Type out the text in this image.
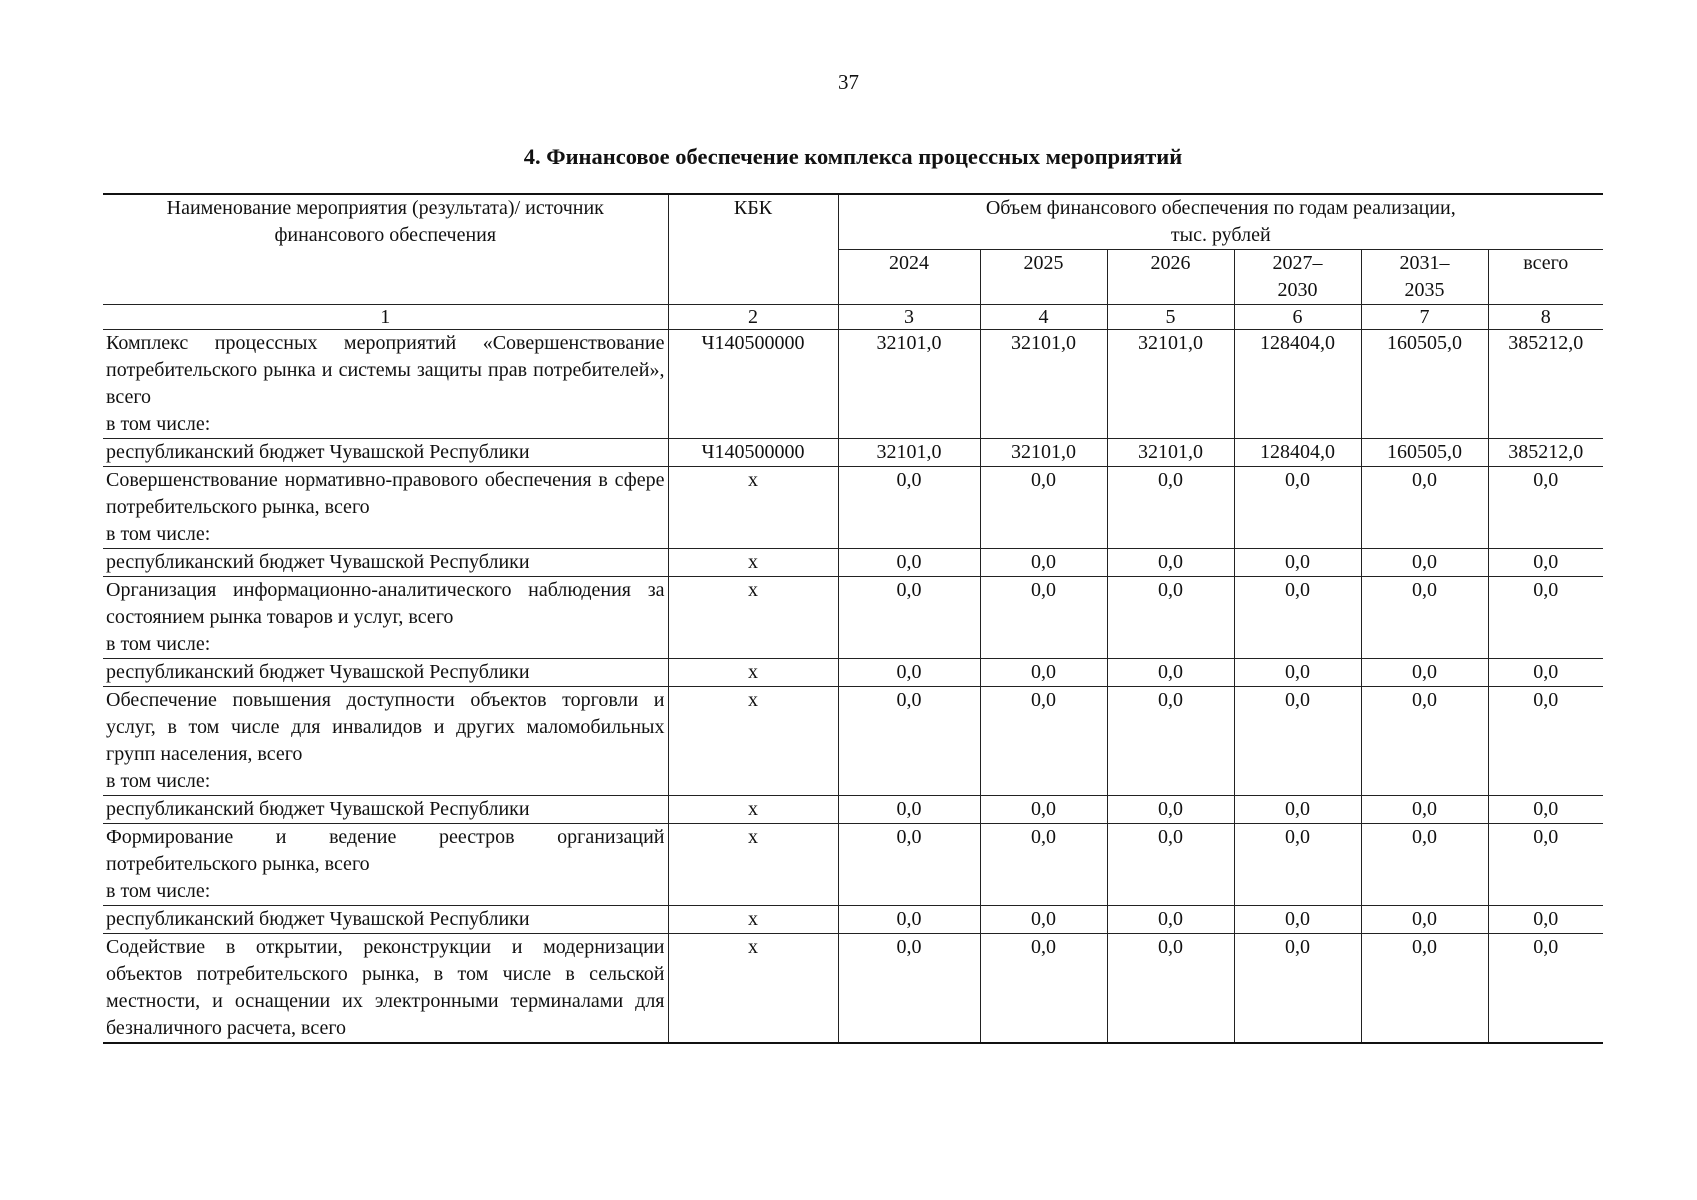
37
4. Финансовое обеспечение комплекса процессных мероприятий
Наименование мероприятия (результата)/ источник финансового обеспечения	КБК	Объем финансового обеспечения по годам реализации, тыс. рублей					
		2024	2025	2026	2027–2030	2031–2035	всего
1	2	3	4	5	6	7	8
Комплекс процессных мероприятий «Совершенствование потребительского рынка и системы защиты прав потребителей», всего
в том числе:	Ч140500000	32101,0	32101,0	32101,0	128404,0	160505,0	385212,0
республиканский бюджет Чувашской Республики	Ч140500000	32101,0	32101,0	32101,0	128404,0	160505,0	385212,0
Совершенствование нормативно-правового обеспечения в сфере потребительского рынка, всего
в том числе:	х	0,0	0,0	0,0	0,0	0,0	0,0
республиканский бюджет Чувашской Республики	х	0,0	0,0	0,0	0,0	0,0	0,0
Организация информационно-аналитического наблюдения за состоянием рынка товаров и услуг, всего
в том числе:	х	0,0	0,0	0,0	0,0	0,0	0,0
республиканский бюджет Чувашской Республики	х	0,0	0,0	0,0	0,0	0,0	0,0
Обеспечение повышения доступности объектов торговли и услуг, в том числе для инвалидов и других маломобильных групп населения, всего
в том числе:	х	0,0	0,0	0,0	0,0	0,0	0,0
республиканский бюджет Чувашской Республики	х	0,0	0,0	0,0	0,0	0,0	0,0
Формирование и ведение реестров организаций потребительского рынка, всего
в том числе:	х	0,0	0,0	0,0	0,0	0,0	0,0
республиканский бюджет Чувашской Республики	х	0,0	0,0	0,0	0,0	0,0	0,0
Содействие в открытии, реконструкции и модернизации объектов потребительского рынка, в том числе в сельской местности, и оснащении их электронными терминалами для безналичного расчета, всего	х	0,0	0,0	0,0	0,0	0,0	0,0
